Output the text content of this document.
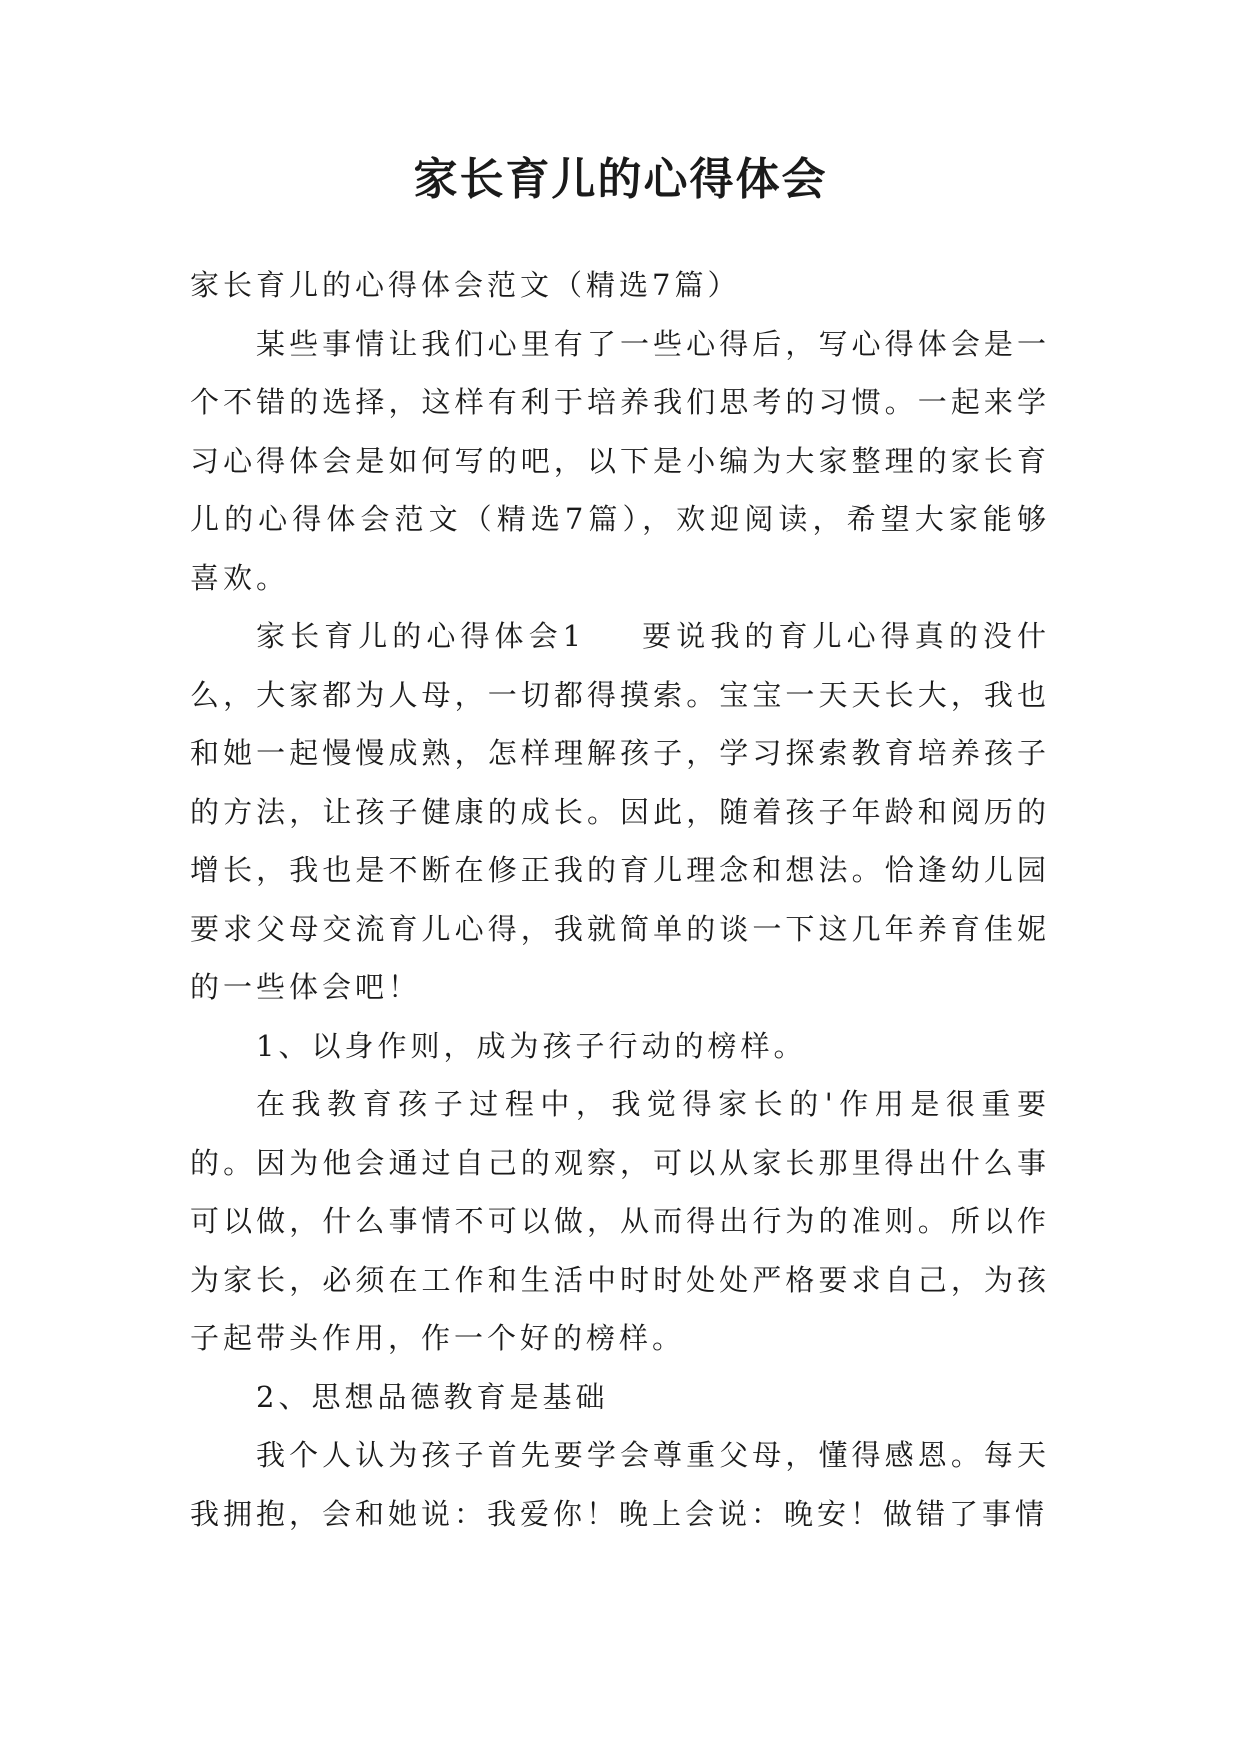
家长育儿的心得体会

家长育儿的心得体会范文（精选7篇）

某些事情让我们心里有了一些心得后，写心得体会是一个不错的选择，这样有利于培养我们思考的习惯。一起来学习心得体会是如何写的吧，以下是小编为大家整理的家长育儿的心得体会范文（精选7篇），欢迎阅读，希望大家能够喜欢。

家长育儿的心得体会1 要说我的育儿心得真的没什么，大家都为人母，一切都得摸索。宝宝一天天长大，我也和她一起慢慢成熟，怎样理解孩子，学习探索教育培养孩子的方法，让孩子健康的成长。因此，随着孩子年龄和阅历的增长，我也是不断在修正我的育儿理念和想法。恰逢幼儿园要求父母交流育儿心得，我就简单的谈一下这几年养育佳妮的一些体会吧！

1、以身作则，成为孩子行动的榜样。

在我教育孩子过程中，我觉得家长的'作用是很重要的。因为他会通过自己的观察，可以从家长那里得出什么事可以做，什么事情不可以做，从而得出行为的准则。所以作为家长，必须在工作和生活中时时处处严格要求自己，为孩子起带头作用，作一个好的榜样。

2、思想品德教育是基础

我个人认为孩子首先要学会尊重父母，懂得感恩。每天我拥抱，会和她说：我爱你！晚上会说：晚安！做错了事情
